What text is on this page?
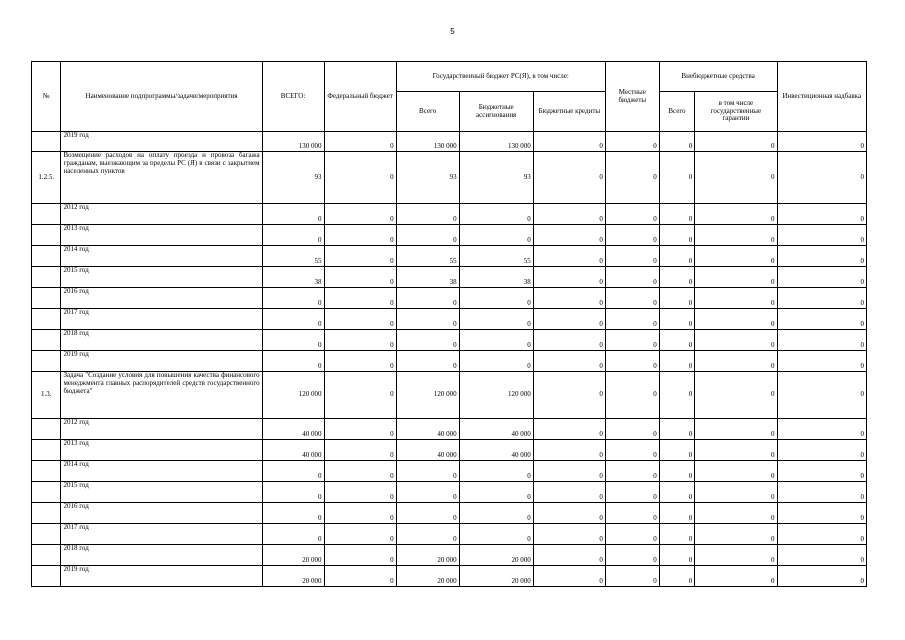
5
№	Наименование подпрограммы/задачи/мероприятия	ВСЕГО:	Федеральный бюджет	Государственный бюджет РС(Я), в том числе:			Местные бюджеты	Внебюджетные средства		Инвестиционная надбавка
				Всего	Бюджетные ассигнования	Бюджетные кредиты		Всего	в том числе государственные гарантии	
	2019 год	130 000	0	130 000	130 000	0	0	0	0	0
1.2.5.	Возмещение расходов на оплату проезда и провоза багажа гражданам, выезжающим за пределы РС (Я) в связи с закрытием населенных пунктов	93	0	93	93	0	0	0	0	0
	2012 год	0	0	0	0	0	0	0	0	0
	2013 год	0	0	0	0	0	0	0	0	0
	2014 год	55	0	55	55	0	0	0	0	0
	2015 год	38	0	38	38	0	0	0	0	0
	2016 год	0	0	0	0	0	0	0	0	0
	2017 год	0	0	0	0	0	0	0	0	0
	2018 год	0	0	0	0	0	0	0	0	0
	2019 год	0	0	0	0	0	0	0	0	0
1.3.	Задача "Создание условия для повышения качества финансового менеджмента главных распорядителей средств государственного бюджета"	120 000	0	120 000	120 000	0	0	0	0	0
	2012 год	40 000	0	40 000	40 000	0	0	0	0	0
	2013 год	40 000	0	40 000	40 000	0	0	0	0	0
	2014 год	0	0	0	0	0	0	0	0	0
	2015 год	0	0	0	0	0	0	0	0	0
	2016 год	0	0	0	0	0	0	0	0	0
	2017 год	0	0	0	0	0	0	0	0	0
	2018 год	20 000	0	20 000	20 000	0	0	0	0	0
	2019 год	20 000	0	20 000	20 000	0	0	0	0	0
